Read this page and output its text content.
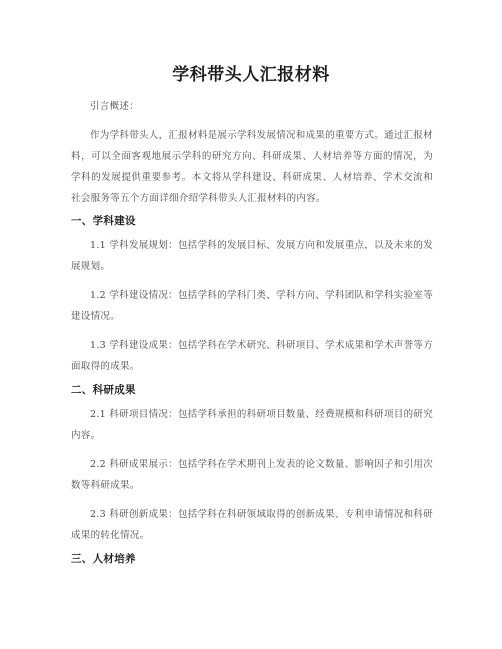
学科带头人汇报材料
引言概述：
作为学科带头人，汇报材料是展示学科发展情况和成果的重要方式。通过汇报材料，可以全面客观地展示学科的研究方向、科研成果、人材培养等方面的情况，为学科的发展提供重要参考。本文将从学科建设、科研成果、人材培养、学术交流和社会服务等五个方面详细介绍学科带头人汇报材料的内容。
一、学科建设
1.1 学科发展规划：包括学科的发展目标、发展方向和发展重点，以及未来的发展规划。
1.2 学科建设情况：包括学科的学科门类、学科方向、学科团队和学科实验室等建设情况。
1.3 学科建设成果：包括学科在学术研究、科研项目、学术成果和学术声誉等方面取得的成果。
二、科研成果
2.1 科研项目情况：包括学科承担的科研项目数量、经费规模和科研项目的研究内容。
2.2 科研成果展示：包括学科在学术期刊上发表的论文数量、影响因子和引用次数等科研成果。
2.3 科研创新成果：包括学科在科研领域取得的创新成果、专利申请情况和科研成果的转化情况。
三、人材培养
